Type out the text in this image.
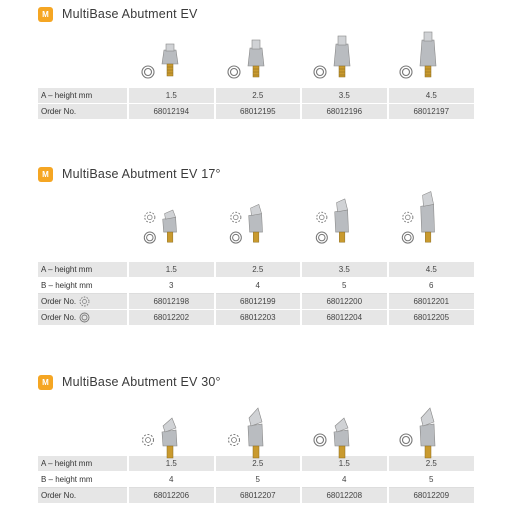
M	MultiBase Abutment EV
A – height mm	1.5	2.5	3.5	4.5
Order No.	68012194	68012195	68012196	68012197
M	MultiBase Abutment EV 17°
A – height mm	1.5	2.5	3.5	4.5
B – height mm	3	4	5	6

Order No.	68012198	68012199	68012200	68012201

Order No.	68012202	68012203	68012204	68012205
M	MultiBase Abutment EV 30°
A – height mm	1.5	2.5	1.5	2.5
B – height mm	4	5	4	5
Order No.	68012206	68012207	68012208	68012209
